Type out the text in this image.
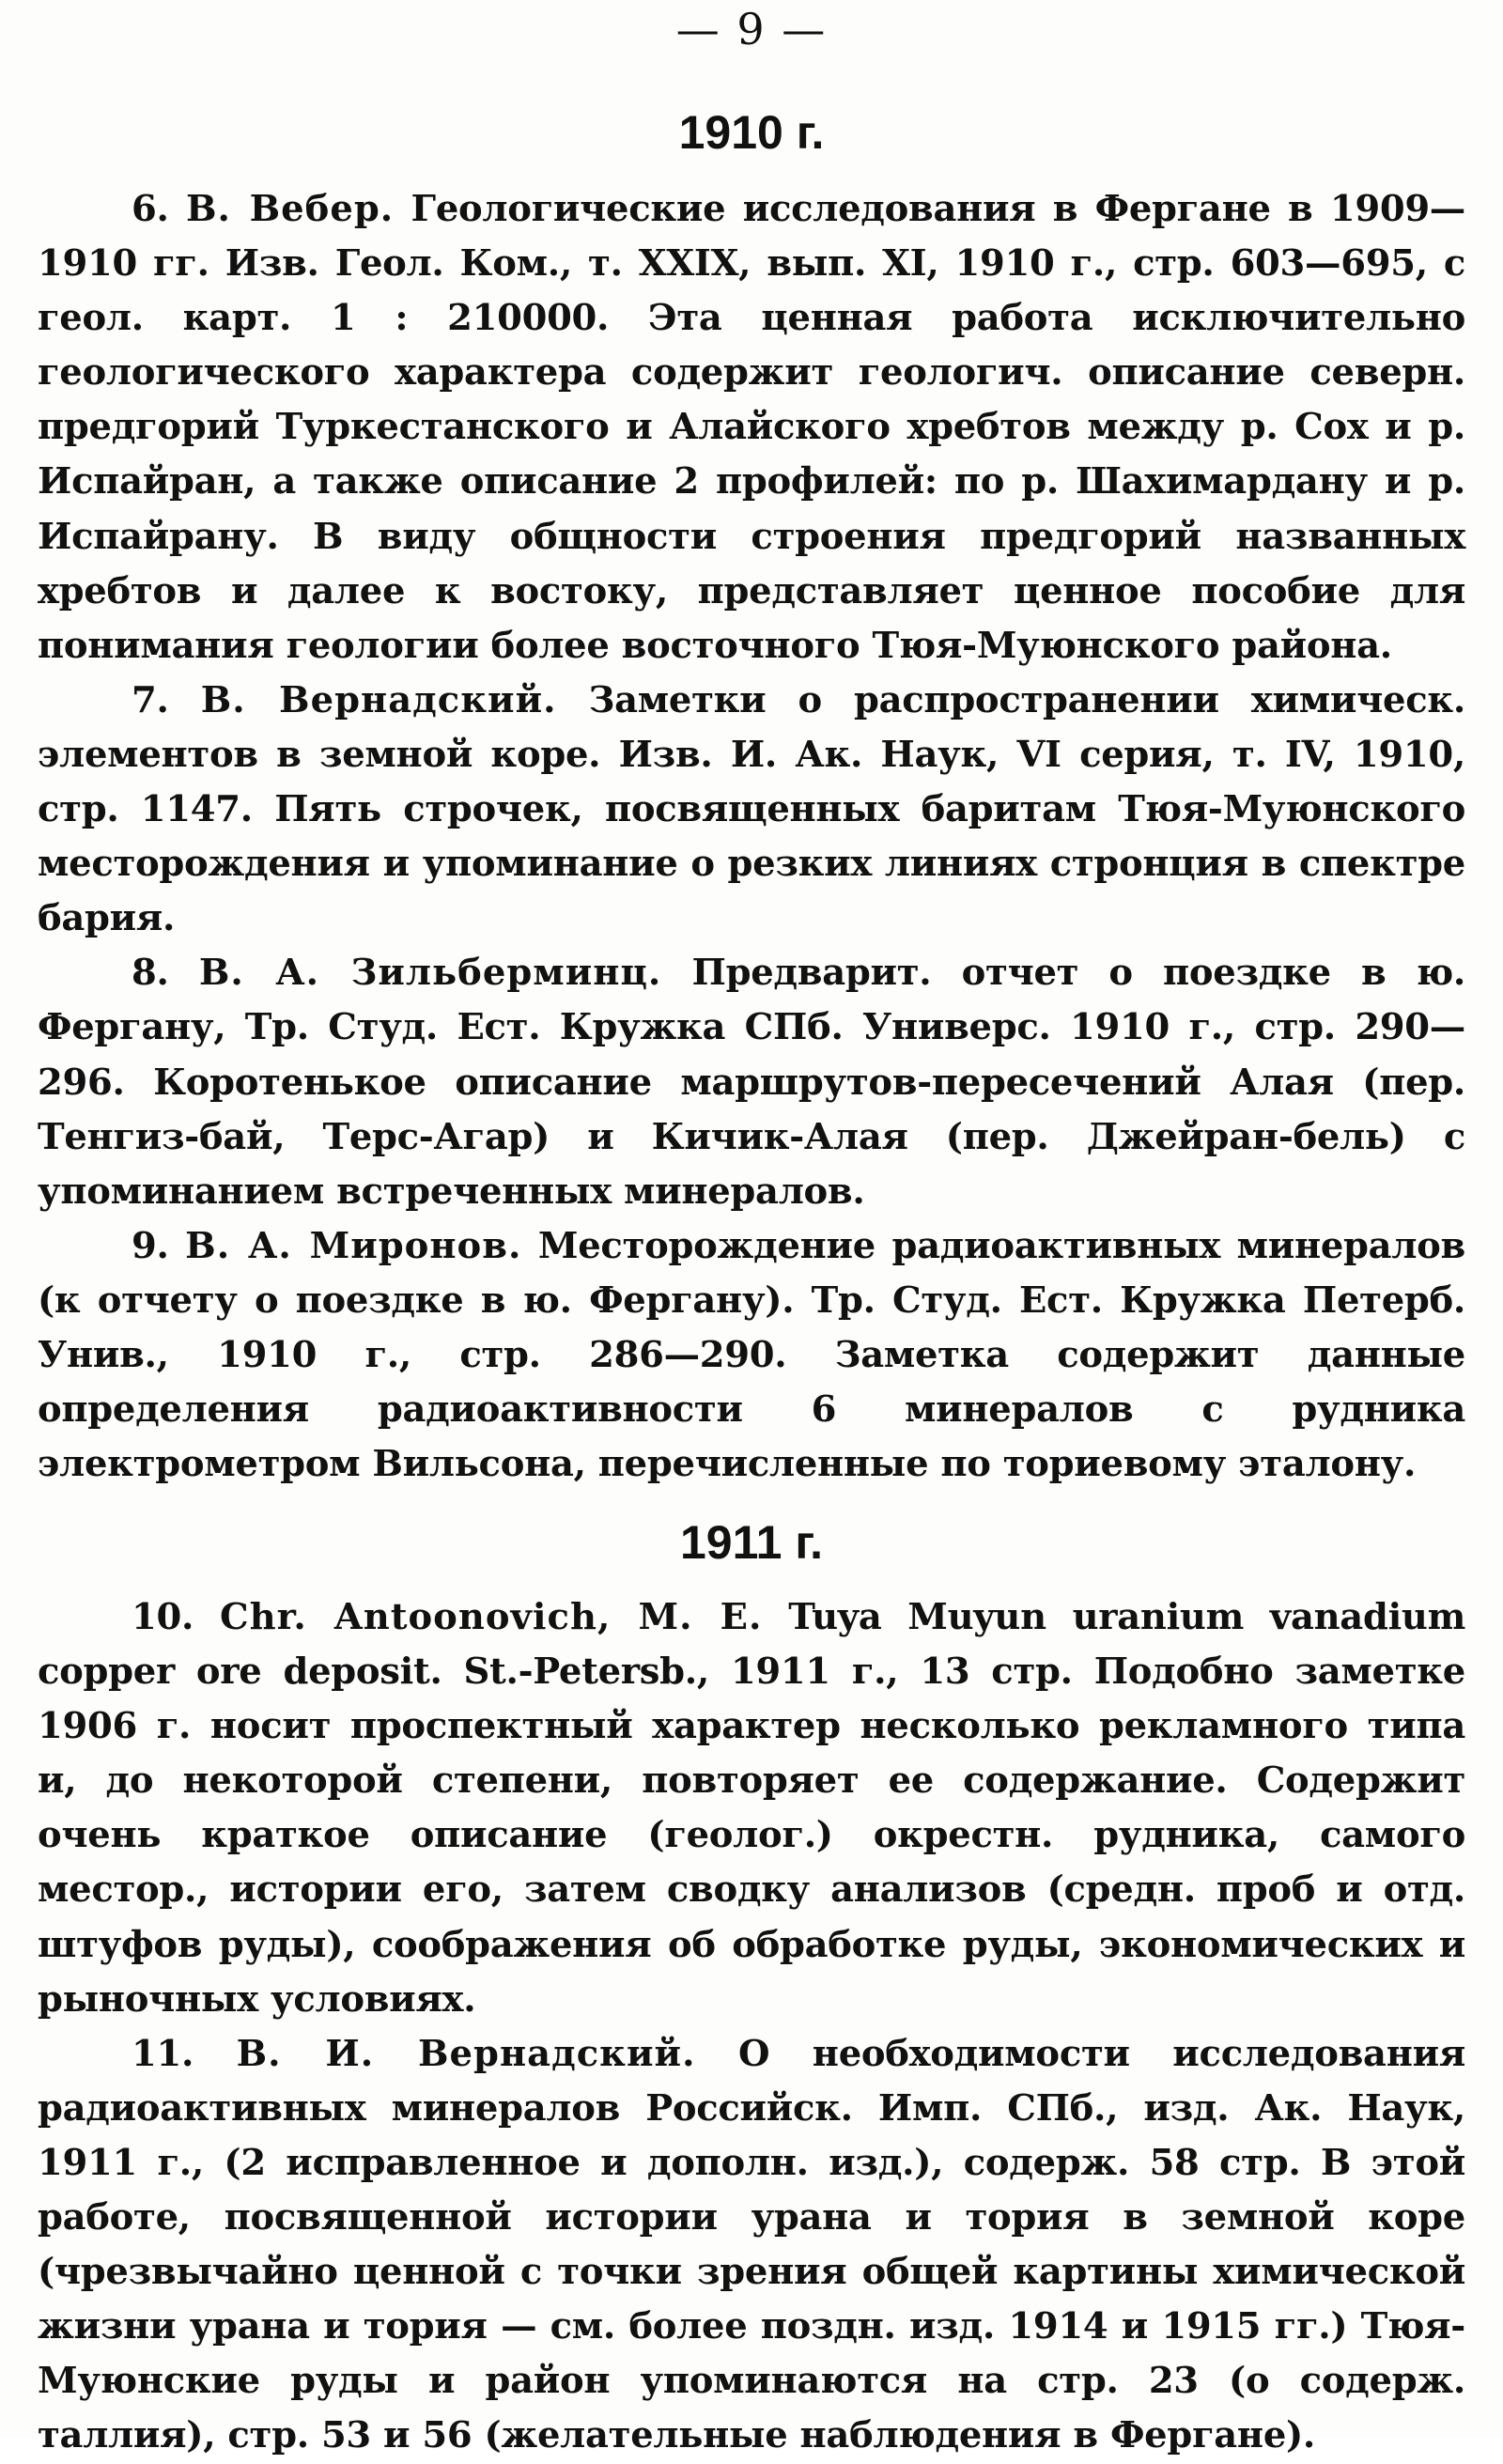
— 9 —
1910 г.

6. В. Вебер. Геологические исследования в Фергане в 1909—1910 гг. Изв. Геол. Ком., т. XXIX, вып. XI, 1910 г., стр. 603—695, с геол. карт. 1 : 210000. Эта ценная работа исключительно геологического характера содержит геологич. описание северн. предгорий Туркестанского и Алайского хребтов между р. Сох и р. Испайран, а также описание 2 профилей: по р. Шахимардану и р. Испайрану. В виду общности строения предгорий названных хребтов и далее к востоку, представляет ценное пособие для понимания геологии более восточного Тюя-Муюнского района.

7. В. Вернадский. Заметки о распространении химическ. элементов в земной коре. Изв. И. Ак. Наук, VI серия, т. IV, 1910, стр. 1147. Пять строчек, посвященных баритам Тюя-Муюнского месторождения и упоминание о резких линиях стронция в спектре бария.

8. В. А. Зильберминц. Предварит. отчет о поездке в ю. Фергану, Тр. Студ. Ест. Кружка СПб. Универс. 1910 г., стр. 290—296. Коротенькое описание маршрутов-пересечений Алая (пер. Тенгиз-бай, Терс-Агар) и Кичик-Алая (пер. Джейран-бель) с упоминанием встреченных минералов.

9. В. А. Миронов. Месторождение радиоактивных минералов (к отчету о поездке в ю. Фергану). Тр. Студ. Ест. Кружка Петерб. Унив., 1910 г., стр. 286—290. Заметка содержит данные определения радиоактивности 6 минералов с рудника электрометром Вильсона, перечисленные по ториевому эталону.

1911 г.

10. Chr. Antoonovich, M. E. Tuya Muyun uranium vanadium copper ore deposit. St.-Petersb., 1911 г., 13 стр. Подобно заметке 1906 г. носит проспектный характер несколько рекламного типа и, до некоторой степени, повторяет ее содержание. Содержит очень краткое описание (геолог.) окрестн. рудника, самого местор., истории его, затем сводку анализов (средн. проб и отд. штуфов руды), соображения об обработке руды, экономических и рыночных условиях.

11. В. И. Вернадский. О необходимости исследования радиоактивных минералов Российск. Имп. СПб., изд. Ак. Наук, 1911 г., (2 исправленное и дополн. изд.), содерж. 58 стр. В этой работе, посвященной истории урана и тория в земной коре (чрезвычайно ценной с точки зрения общей картины химической жизни урана и тория — см. более поздн. изд. 1914 и 1915 гг.) Тюя-Муюнские руды и район упоминаются на стр. 23 (о содерж. таллия), стр. 53 и 56 (желательные наблюдения в Фергане).
